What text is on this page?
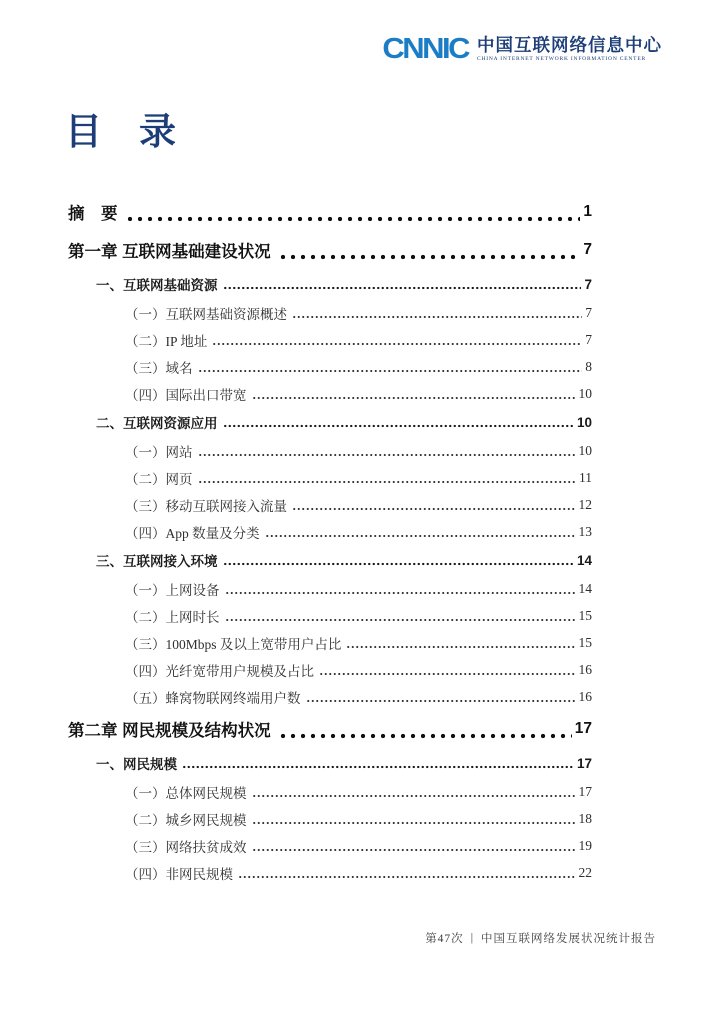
CNNIC 中国互联网络信息中心
CHINA INTERNET NETWORK INFORMATION CENTER
目　录
摘　要	1
第一章 互联网基础建设状况	7
一、互联网基础资源	7
（一）互联网基础资源概述	7
（二）IP 地址	7
（三）域名	8
（四）国际出口带宽	10
二、互联网资源应用	10
（一）网站	10
（二）网页	11
（三）移动互联网接入流量	12
（四）App 数量及分类	13
三、互联网接入环境	14
（一）上网设备	14
（二）上网时长	15
（三）100Mbps 及以上宽带用户占比	15
（四）光纤宽带用户规模及占比	16
（五）蜂窝物联网终端用户数	16
第二章 网民规模及结构状况	17
一、网民规模	17
（一）总体网民规模	17
（二）城乡网民规模	18
（三）网络扶贫成效	19
（四）非网民规模	22
第47次 | 中国互联网络发展状况统计报告
